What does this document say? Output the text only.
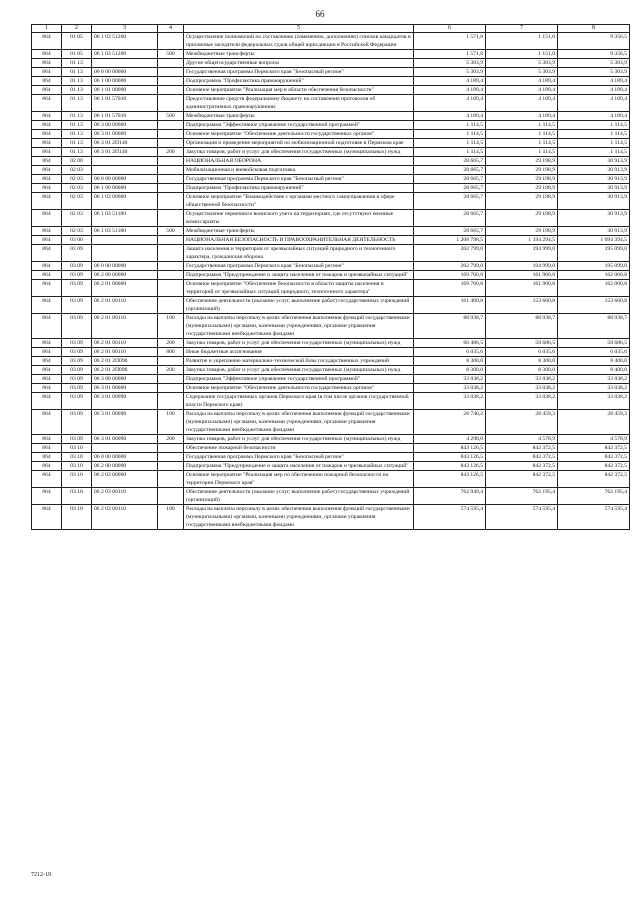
66
1	2	3	4	5	6	7	8
864	01 05	06 1 03 51200		Осуществление полномочий по составлению (изменению, дополнению) списков кандидатов в присяжные заседатели федеральных судов общей юрисдикции в Российской Федерации	1 571,8	1 151,0	9 356,5
864	01 05	06 1 03 51200	500	Межбюджетные трансферты	1 571,8	1 151,0	9 356,5
864	01 13			Другие общегосударственные вопросы	5 303,9	5 303,9	5 303,9
864	01 13	06 0 00 00000		Государственная программа Пермского края "Безопасный регион"	5 303,9	5 303,9	5 303,9
864	01 13	06 1 00 00000		Подпрограмма "Профилактика правонарушений"	4 189,4	4 189,4	4 189,4
864	01 13	06 1 01 00000		Основное мероприятие "Реализация мер в области обеспечения безопасности"	4 189,4	4 189,4	4 189,4
864	01 13	06 1 01 57010		Предоставление средств федеральному бюджету на составление протоколов об административных правонарушениях	4 189,4	4 189,4	4 189,4
864	01 13	06 1 01 57010	500	Межбюджетные трансферты	4 189,4	4 189,4	4 189,4
864	01 13	06 3 00 00000		Подпрограмма "Эффективное управление государственной программой"	1 114,5	1 114,5	1 114,5
864	01 13	06 3 01 00000		Основное мероприятие "Обеспечение деятельности государственных органов"	1 114,5	1 114,5	1 114,5
864	01 13	06 3 01 2П140		Организация и проведение мероприятий по мобилизационной подготовке в Пермском крае	1 114,5	1 114,5	1 114,5
864	01 13	06 3 01 2П140	200	Закупка товаров, работ и услуг для обеспечения государственных (муниципальных) нужд	1 114,5	1 114,5	1 114,5
864	02 00			НАЦИОНАЛЬНАЯ ОБОРОНА	28 665,7	29 198,9	30 913,9
864	02 03			Мобилизационная и вневойсковая подготовка	28 665,7	29 198,9	30 913,9
864	02 03	06 0 00 00000		Государственная программа Пермского края "Безопасный регион"	28 665,7	29 198,9	30 913,9
864	02 03	06 1 00 00000		Подпрограмма "Профилактика правонарушений"	28 665,7	29 198,9	30 913,9
864	02 03	06 1 03 00000		Основное мероприятие "Взаимодействие с органами местного самоуправления в сфере общественной безопасности"	28 665,7	29 198,9	30 913,9
864	02 03	06 1 03 51180		Осуществление первичного воинского учета на территориях, где отсутствуют военные комиссариаты	28 665,7	29 198,9	30 913,9
864	02 03	06 1 03 51180	500	Межбюджетные трансферты	28 665,7	29 198,9	30 913,9
864	03 00			НАЦИОНАЛЬНАЯ БЕЗОПАСНОСТЬ И ПРАВООХРАНИТЕЛЬНАЯ ДЕЯТЕЛЬНОСТЬ	1 208 798,5	1 194 294,5	1 094 394,5
864	03 09			Защита населения и территории от чрезвычайных ситуаций природного и техногенного характера, гражданская оборона	202 799,0	194 999,0	195 099,0
864	03 09	06 0 00 00000		Государственная программа Пермского края "Безопасный регион"	202 799,0	194 999,0	195 099,0
864	03 09	06 2 00 00000		Подпрограмма "Предупреждение и защита населения от пожаров и чрезвычайных ситуаций"	169 760,8	161 960,8	162 060,8
864	03 09	06 2 01 00000		Основное мероприятие "Обеспечение безопасности в области защиты населения и территорий от чрезвычайных ситуаций природного, техногенного характера"	169 760,8	161 960,8	162 060,8
864	03 09	06 2 01 00110		Обеспечение деятельности (оказание услуг, выполнение работ) государственных учреждений (организаций)	161 460,8	153 660,8	153 660,8
864	03 09	06 2 01 00110	100	Расходы на выплаты персоналу в целях обеспечения выполнения функций государственными (муниципальными) органами, казенными учреждениями, органами управления государственными внебюджетными фондами	88 938,7	88 938,7	88 938,7
864	03 09	06 2 01 00110	200	Закупка товаров, работ и услуг для обеспечения государственных (муниципальных) нужд	66 486,5	58 686,5	58 686,5
864	03 09	06 2 01 00110	800	Иные бюджетные ассигнования	6 035,6	6 035,6	6 035,6
864	03 09	06 2 01 2П090		Развитие и укрепление материально-технической базы государственных учреждений	8 300,0	8 300,0	8 400,0
864	03 09	06 2 01 2П090	200	Закупка товаров, работ и услуг для обеспечения государственных (муниципальных) нужд	8 300,0	8 300,0	8 400,0
864	03 09	06 3 00 00000		Подпрограмма "Эффективное управление государственной программой"	33 038,2	33 038,2	33 038,2
864	03 09	06 3 01 00000		Основное мероприятие "Обеспечение деятельности государственных органов"	33 038,2	33 038,2	33 038,2
864	03 09	06 3 01 00090		Содержание государственных органов Пермского края (в том числе органов государственной власти Пермского края)	33 038,2	33 038,2	33 038,2
864	03 09	06 3 01 00090	100	Расходы на выплаты персоналу в целях обеспечения выполнения функций государственными (муниципальными) органами, казенными учреждениями, органами управления государственными внебюджетными фондами	28 740,2	28 459,3	28 459,3
864	03 09	06 3 01 00090	200	Закупка товаров, работ и услуг для обеспечения государственных (муниципальных) нужд	4 298,0	4 578,9	4 578,9
864	03 10			Обеспечение пожарной безопасности	843 126,5	842 372,5	842 372,5
864	03 10	06 0 00 00000		Государственная программа Пермского края "Безопасный регион"	843 126,5	842 372,5	842 372,5
864	03 10	06 2 00 00000		Подпрограмма "Предупреждение и защита населения от пожаров и чрезвычайных ситуаций"	843 126,5	842 372,5	842 372,5
864	03 10	06 2 03 00000		Основное мероприятие "Реализация мер по обеспечению пожарной безопасности на территории Пермского края"	843 126,5	842 372,5	842 372,5
864	03 10	06 2 03 00110		Обеспечение деятельности (оказание услуг, выполнение работ) государственных учреждений (организаций)	762 949,4	762 195,4	762 195,4
864	03 10	06 2 03 00110	100	Расходы на выплаты персоналу в целях обеспечения выполнения функций государственными (муниципальными) органами, казенными учреждениями, органами управления государственными внебюджетными фондами	574 595,4	574 595,4	574 595,4
7212-19
